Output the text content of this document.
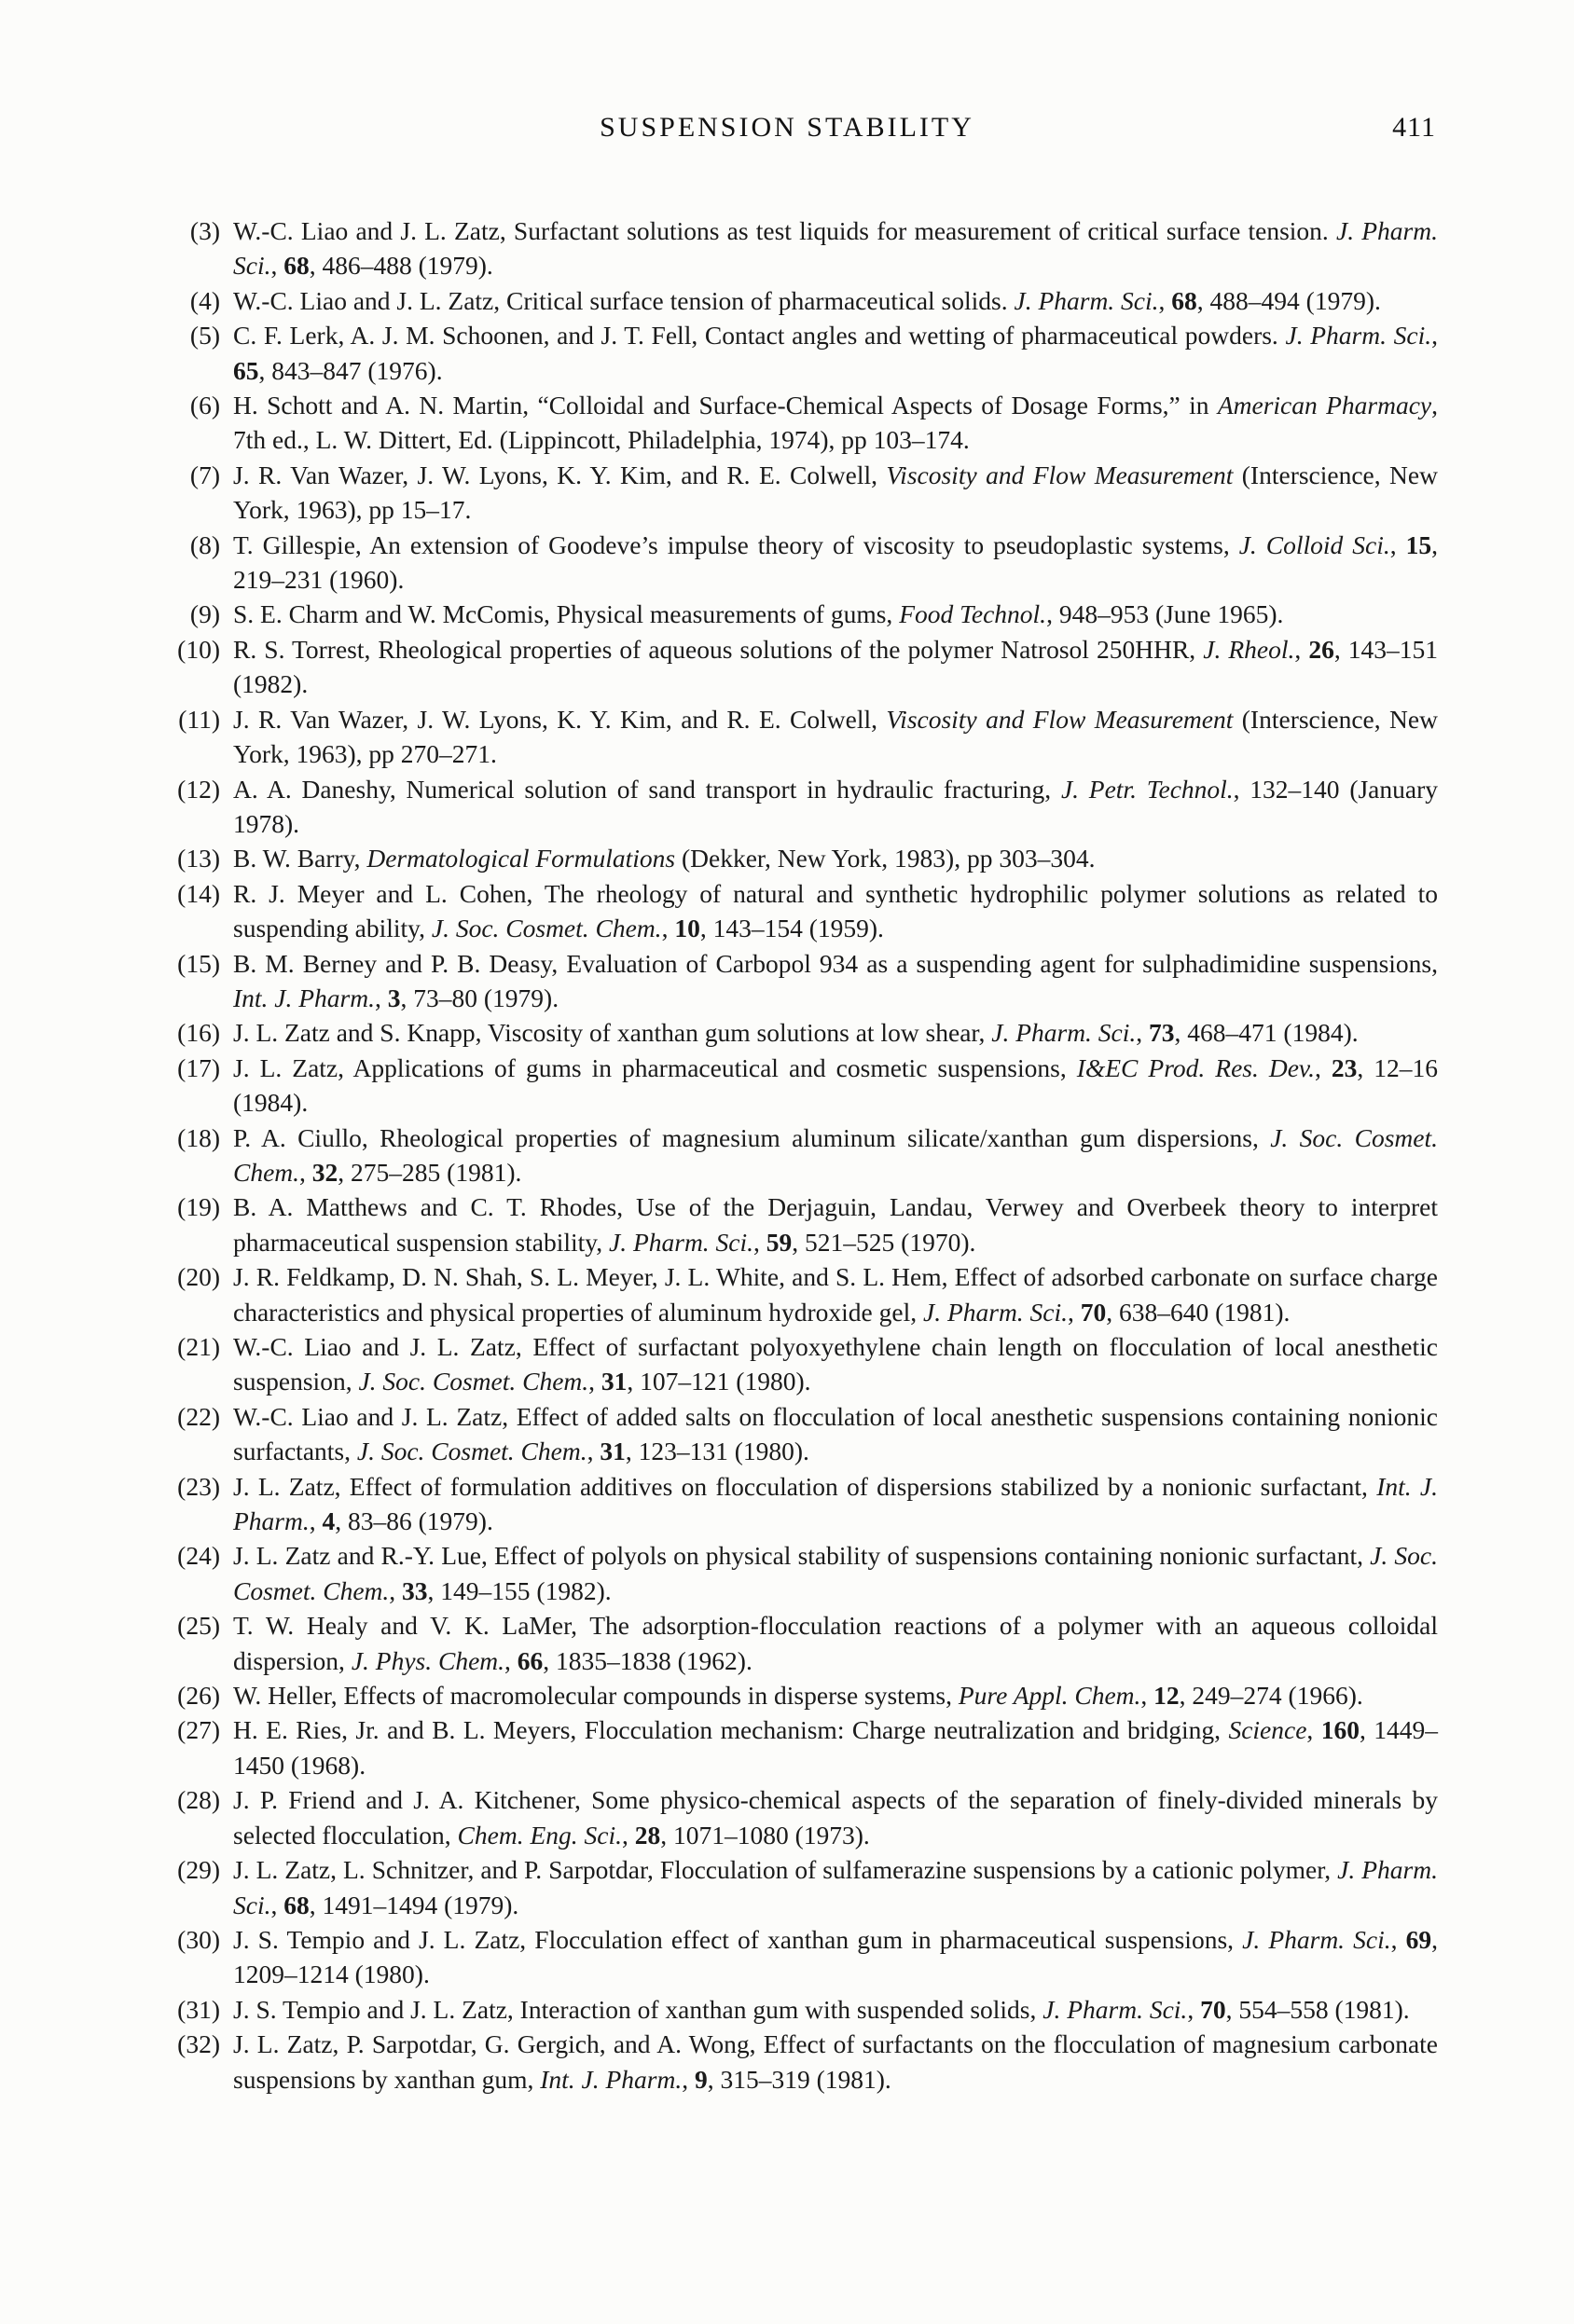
SUSPENSION STABILITY	411
(3) W.-C. Liao and J. L. Zatz, Surfactant solutions as test liquids for measurement of critical surface tension. J. Pharm. Sci., 68, 486–488 (1979).
(4) W.-C. Liao and J. L. Zatz, Critical surface tension of pharmaceutical solids. J. Pharm. Sci., 68, 488–494 (1979).
(5) C. F. Lerk, A. J. M. Schoonen, and J. T. Fell, Contact angles and wetting of pharmaceutical powders. J. Pharm. Sci., 65, 843–847 (1976).
(6) H. Schott and A. N. Martin, “Colloidal and Surface-Chemical Aspects of Dosage Forms,” in American Pharmacy, 7th ed., L. W. Dittert, Ed. (Lippincott, Philadelphia, 1974), pp 103–174.
(7) J. R. Van Wazer, J. W. Lyons, K. Y. Kim, and R. E. Colwell, Viscosity and Flow Measurement (Interscience, New York, 1963), pp 15–17.
(8) T. Gillespie, An extension of Goodeve’s impulse theory of viscosity to pseudoplastic systems, J. Colloid Sci., 15, 219–231 (1960).
(9) S. E. Charm and W. McComis, Physical measurements of gums, Food Technol., 948–953 (June 1965).
(10) R. S. Torrest, Rheological properties of aqueous solutions of the polymer Natrosol 250HHR, J. Rheol., 26, 143–151 (1982).
(11) J. R. Van Wazer, J. W. Lyons, K. Y. Kim, and R. E. Colwell, Viscosity and Flow Measurement (Interscience, New York, 1963), pp 270–271.
(12) A. A. Daneshy, Numerical solution of sand transport in hydraulic fracturing, J. Petr. Technol., 132–140 (January 1978).
(13) B. W. Barry, Dermatological Formulations (Dekker, New York, 1983), pp 303–304.
(14) R. J. Meyer and L. Cohen, The rheology of natural and synthetic hydrophilic polymer solutions as related to suspending ability, J. Soc. Cosmet. Chem., 10, 143–154 (1959).
(15) B. M. Berney and P. B. Deasy, Evaluation of Carbopol 934 as a suspending agent for sulphadimidine suspensions, Int. J. Pharm., 3, 73–80 (1979).
(16) J. L. Zatz and S. Knapp, Viscosity of xanthan gum solutions at low shear, J. Pharm. Sci., 73, 468–471 (1984).
(17) J. L. Zatz, Applications of gums in pharmaceutical and cosmetic suspensions, I&EC Prod. Res. Dev., 23, 12–16 (1984).
(18) P. A. Ciullo, Rheological properties of magnesium aluminum silicate/xanthan gum dispersions, J. Soc. Cosmet. Chem., 32, 275–285 (1981).
(19) B. A. Matthews and C. T. Rhodes, Use of the Derjaguin, Landau, Verwey and Overbeek theory to interpret pharmaceutical suspension stability, J. Pharm. Sci., 59, 521–525 (1970).
(20) J. R. Feldkamp, D. N. Shah, S. L. Meyer, J. L. White, and S. L. Hem, Effect of adsorbed carbonate on surface charge characteristics and physical properties of aluminum hydroxide gel, J. Pharm. Sci., 70, 638–640 (1981).
(21) W.-C. Liao and J. L. Zatz, Effect of surfactant polyoxyethylene chain length on flocculation of local anesthetic suspension, J. Soc. Cosmet. Chem., 31, 107–121 (1980).
(22) W.-C. Liao and J. L. Zatz, Effect of added salts on flocculation of local anesthetic suspensions containing nonionic surfactants, J. Soc. Cosmet. Chem., 31, 123–131 (1980).
(23) J. L. Zatz, Effect of formulation additives on flocculation of dispersions stabilized by a nonionic surfactant, Int. J. Pharm., 4, 83–86 (1979).
(24) J. L. Zatz and R.-Y. Lue, Effect of polyols on physical stability of suspensions containing nonionic surfactant, J. Soc. Cosmet. Chem., 33, 149–155 (1982).
(25) T. W. Healy and V. K. LaMer, The adsorption-flocculation reactions of a polymer with an aqueous colloidal dispersion, J. Phys. Chem., 66, 1835–1838 (1962).
(26) W. Heller, Effects of macromolecular compounds in disperse systems, Pure Appl. Chem., 12, 249–274 (1966).
(27) H. E. Ries, Jr. and B. L. Meyers, Flocculation mechanism: Charge neutralization and bridging, Science, 160, 1449–1450 (1968).
(28) J. P. Friend and J. A. Kitchener, Some physico-chemical aspects of the separation of finely-divided minerals by selected flocculation, Chem. Eng. Sci., 28, 1071–1080 (1973).
(29) J. L. Zatz, L. Schnitzer, and P. Sarpotdar, Flocculation of sulfamerazine suspensions by a cationic polymer, J. Pharm. Sci., 68, 1491–1494 (1979).
(30) J. S. Tempio and J. L. Zatz, Flocculation effect of xanthan gum in pharmaceutical suspensions, J. Pharm. Sci., 69, 1209–1214 (1980).
(31) J. S. Tempio and J. L. Zatz, Interaction of xanthan gum with suspended solids, J. Pharm. Sci., 70, 554–558 (1981).
(32) J. L. Zatz, P. Sarpotdar, G. Gergich, and A. Wong, Effect of surfactants on the flocculation of magnesium carbonate suspensions by xanthan gum, Int. J. Pharm., 9, 315–319 (1981).
